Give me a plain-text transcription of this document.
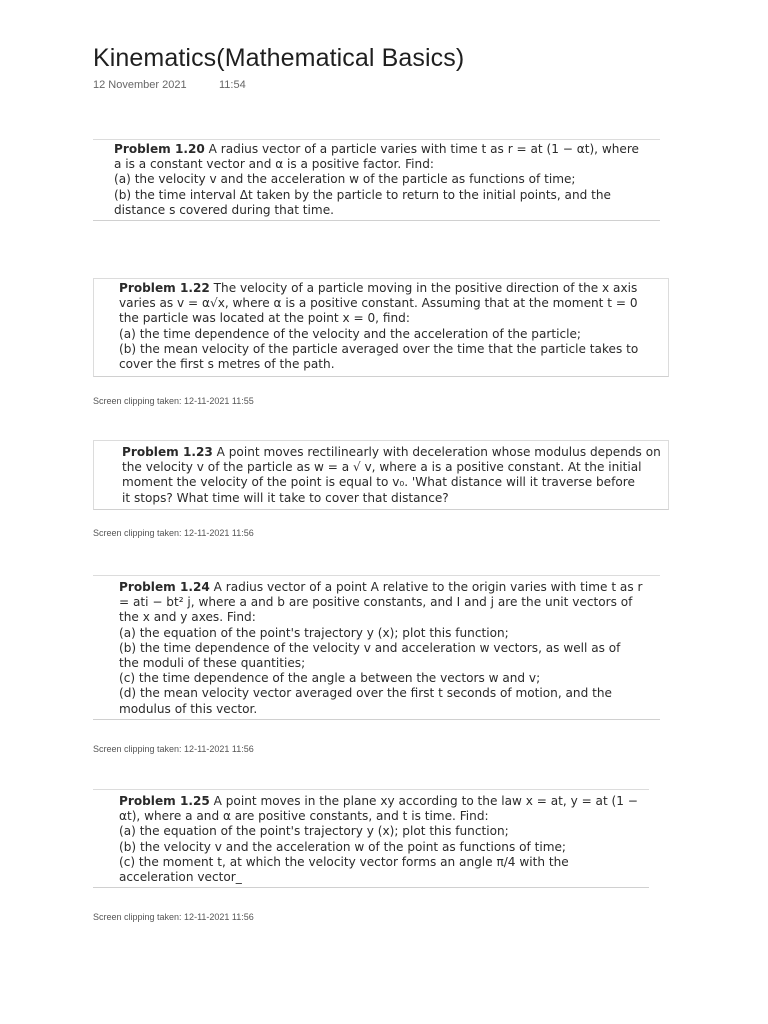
Kinematics(Mathematical Basics)
12 November 2021	11:54
Problem 1.20 A radius vector of a particle varies with time t as r = at (1 − αt), where
a is a constant vector and α is a positive factor. Find:
(a) the velocity v and the acceleration w of the particle as functions of time;
(b) the time interval Δt taken by the particle to return to the initial points, and the
distance s covered during that time.
Problem 1.22 The velocity of a particle moving in the positive direction of the x axis
varies as v = α√x, where α is a positive constant. Assuming that at the moment t = 0
the particle was located at the point x = 0, find:
(a) the time dependence of the velocity and the acceleration of the particle;
(b) the mean velocity of the particle averaged over the time that the particle takes to
cover the first s metres of the path.
Screen clipping taken: 12-11-2021 11:55
Problem 1.23 A point moves rectilinearly with deceleration whose modulus depends on
the velocity v of the particle as w = a √ v, where a is a positive constant. At the initial
moment the velocity of the point is equal to v₀. 'What distance will it traverse before
it stops? What time will it take to cover that distance?
Screen clipping taken: 12-11-2021 11:56
Problem 1.24 A radius vector of a point A relative to the origin varies with time t as r
= ati − bt² j, where a and b are positive constants, and I and j are the unit vectors of
the x and y axes. Find:
(a) the equation of the point's trajectory y (x); plot this function;
(b) the time dependence of the velocity v and acceleration w vectors, as well as of
the moduli of these quantities;
(c) the time dependence of the angle a between the vectors w and v;
(d) the mean velocity vector averaged over the first t seconds of motion, and the
modulus of this vector.
Screen clipping taken: 12-11-2021 11:56
Problem 1.25 A point moves in the plane xy according to the law x = at, y = at (1 −
αt), where a and α are positive constants, and t is time. Find:
(a) the equation of the point's trajectory y (x); plot this function;
(b) the velocity v and the acceleration w of the point as functions of time;
(c) the moment t, at which the velocity vector forms an angle π/4 with the
acceleration vector_
Screen clipping taken: 12-11-2021 11:56
